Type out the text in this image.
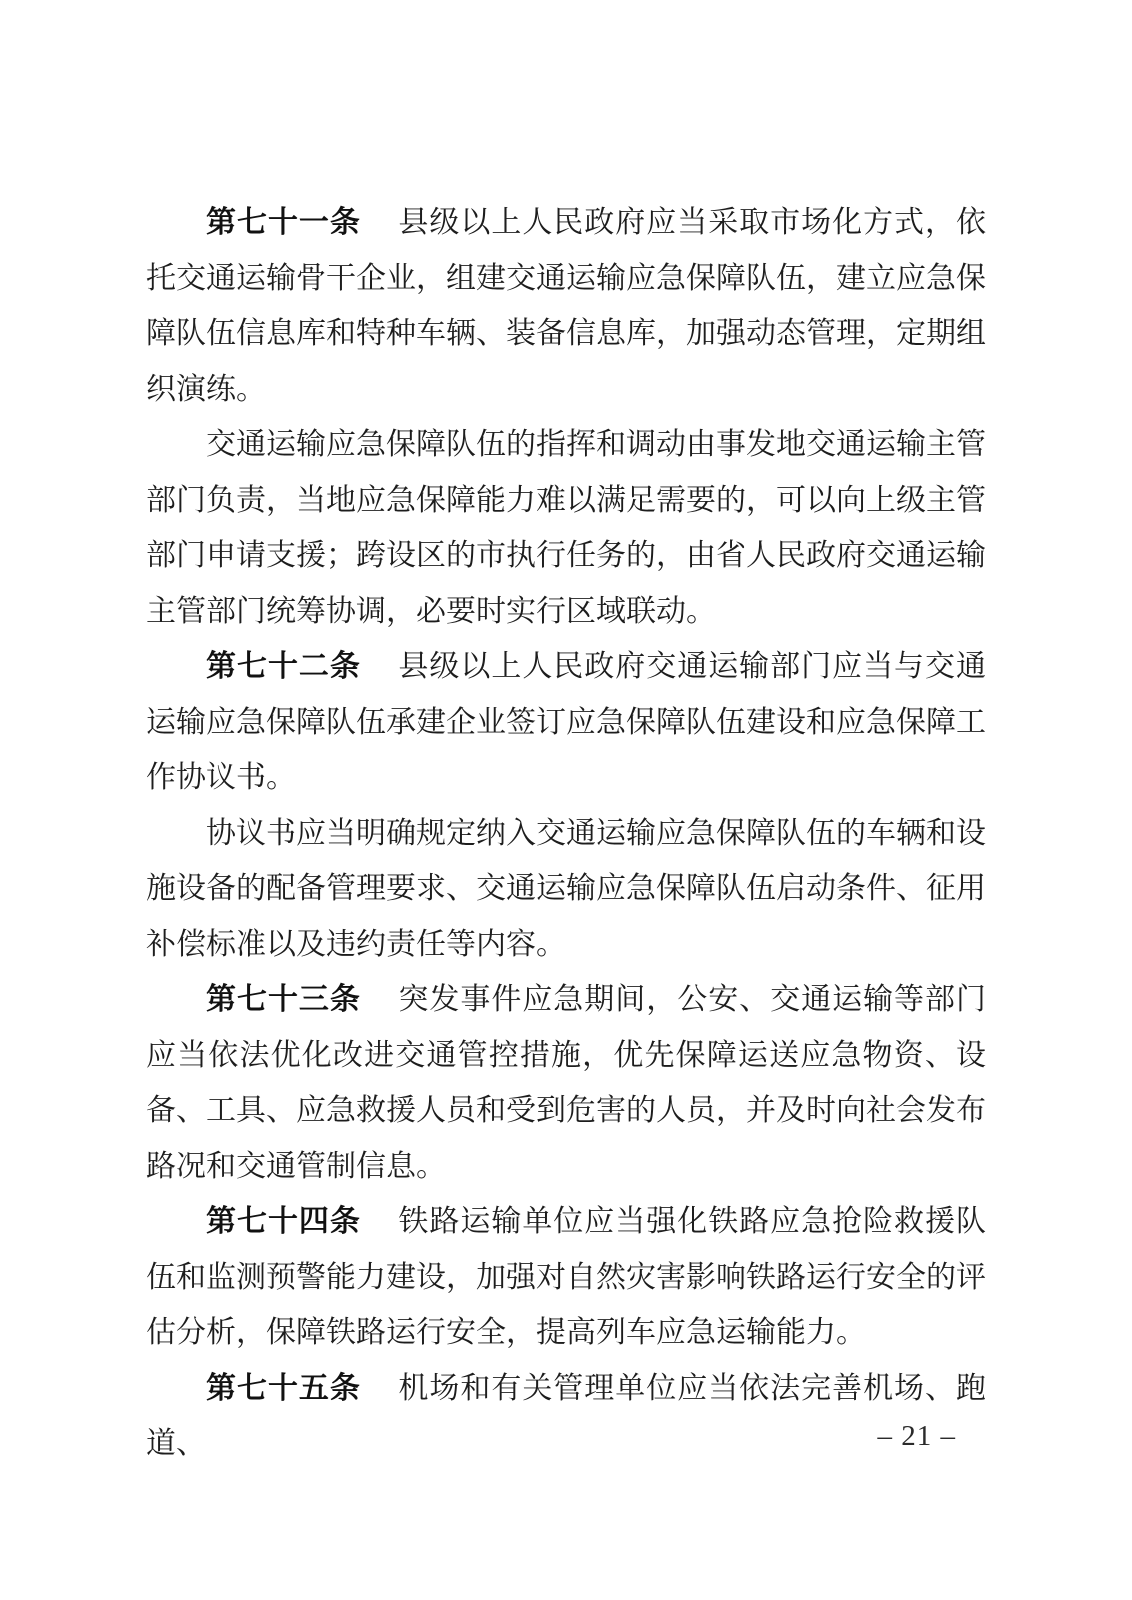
第七十一条 县级以上人民政府应当采取市场化方式，依托交通运输骨干企业，组建交通运输应急保障队伍，建立应急保障队伍信息库和特种车辆、装备信息库，加强动态管理，定期组织演练。

交通运输应急保障队伍的指挥和调动由事发地交通运输主管部门负责，当地应急保障能力难以满足需要的，可以向上级主管部门申请支援；跨设区的市执行任务的，由省人民政府交通运输主管部门统筹协调，必要时实行区域联动。

第七十二条 县级以上人民政府交通运输部门应当与交通运输应急保障队伍承建企业签订应急保障队伍建设和应急保障工作协议书。

协议书应当明确规定纳入交通运输应急保障队伍的车辆和设施设备的配备管理要求、交通运输应急保障队伍启动条件、征用补偿标准以及违约责任等内容。

第七十三条 突发事件应急期间，公安、交通运输等部门应当依法优化改进交通管控措施，优先保障运送应急物资、设备、工具、应急救援人员和受到危害的人员，并及时向社会发布路况和交通管制信息。

第七十四条 铁路运输单位应当强化铁路应急抢险救援队伍和监测预警能力建设，加强对自然灾害影响铁路运行安全的评估分析，保障铁路运行安全，提高列车应急运输能力。

第七十五条 机场和有关管理单位应当依法完善机场、跑道、	– 21 –
